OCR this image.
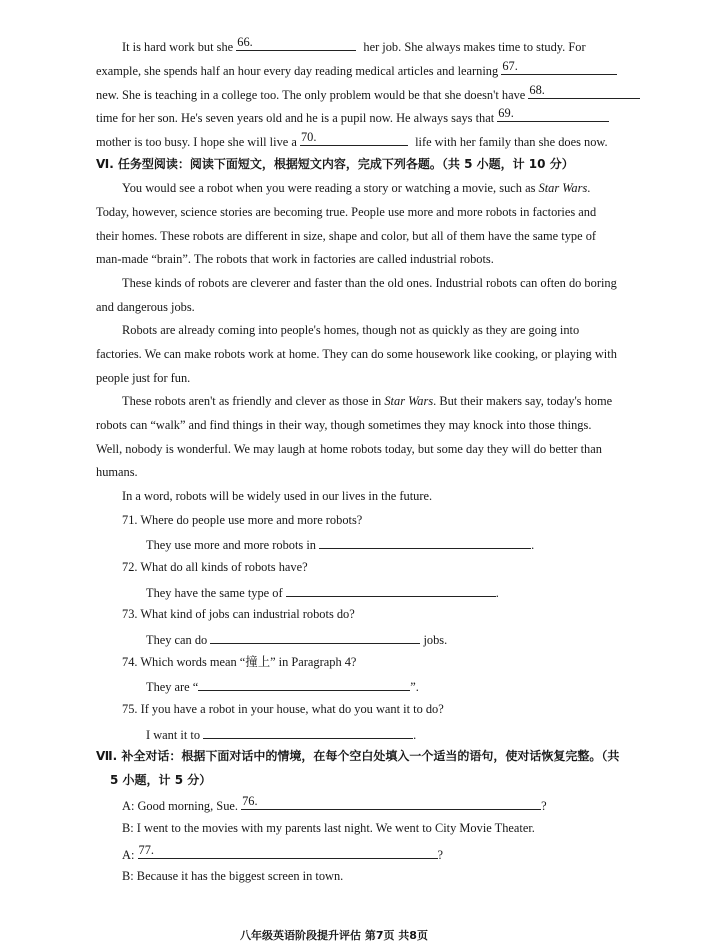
It is hard work but she 66.	her job. She always makes time to study. For
example, she spends half an hour every day reading medical articles and learning 67.
new. She is teaching in a college too. The only problem would be that she doesn't have 68.
time for her son. He's seven years old and he is a pupil now. He always says that 69.
mother is too busy. I hope she will live a 70.	life with her family than she does now.
Ⅵ. 任务型阅读：阅读下面短文，根据短文内容，完成下列各题。（共 5 小题，计 10 分）
You would see a robot when you were reading a story or watching a movie, such as Star Wars.
Today, however, science stories are becoming true. People use more and more robots in factories and
their homes. These robots are different in size, shape and color, but all of them have the same type of
man-made “brain”. The robots that work in factories are called industrial robots.
These kinds of robots are cleverer and faster than the old ones. Industrial robots can often do boring
and dangerous jobs.
Robots are already coming into people's homes, though not as quickly as they are going into
factories. We can make robots work at home. They can do some housework like cooking, or playing with
people just for fun.
These robots aren't as friendly and clever as those in Star Wars. But their makers say, today's home
robots can “walk” and find things in their way, though sometimes they may knock into those things.
Well, nobody is wonderful. We may laugh at home robots today, but some day they will do better than
humans.
In a word, robots will be widely used in our lives in the future.
71. Where do people use more and more robots?
They use more and more robots in	.
72. What do all kinds of robots have?
They have the same type of	.
73. What kind of jobs can industrial robots do?
They can do	jobs.
74. Which words mean “撞上” in Paragraph 4?
They are “	”.
75. If you have a robot in your house, what do you want it to do?
I want it to	.
Ⅶ. 补全对话：根据下面对话中的情境，在每个空白处填入一个适当的语句，使对话恢复完整。（共
5 小题，计 5 分）
A: Good morning, Sue. 76.	?
B: I went to the movies with my parents last night. We went to City Movie Theater.
A: 77.	?
B: Because it has the biggest screen in town.
八年级英语阶段提升评估 第7页 共8页
